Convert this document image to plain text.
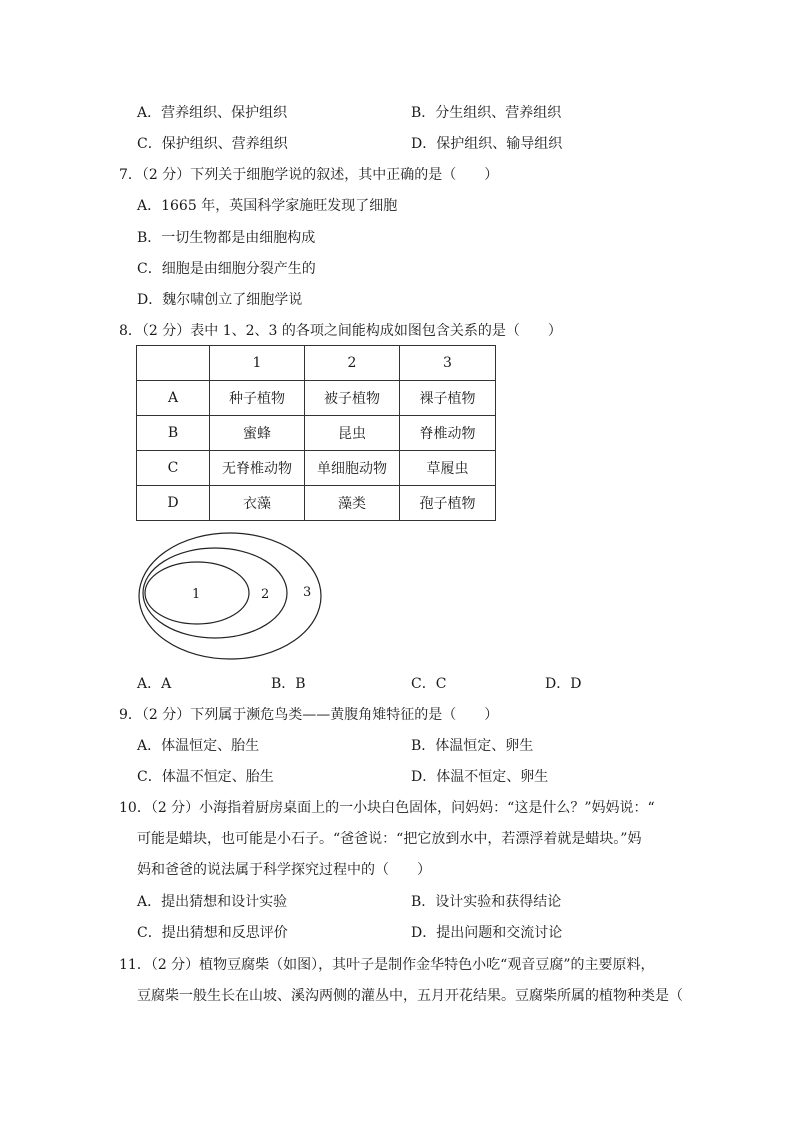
A．营养组织、保护组织	B．分生组织、营养组织
C．保护组织、营养组织	D．保护组织、输导组织
7．（2 分）下列关于细胞学说的叙述，其中正确的是（　　）
A．1665 年，英国科学家施旺发现了细胞
B．一切生物都是由细胞构成
C．细胞是由细胞分裂产生的
D．魏尔啸创立了细胞学说
8．（2 分）表中 1、2、3 的各项之间能构成如图包含关系的是（　　）
	1	2	3
A	种子植物	被子植物	裸子植物
B	蜜蜂	昆虫	脊椎动物
C	无脊椎动物	单细胞动物	草履虫
D	衣藻	藻类	孢子植物
1	2	3
A．A	B．B	C．C	D．D
9．（2 分）下列属于濒危鸟类——黄腹角雉特征的是（　　）
A．体温恒定、胎生	B．体温恒定、卵生
C．体温不恒定、胎生	D．体温不恒定、卵生
10．（2 分）小海指着厨房桌面上的一小块白色固体，问妈妈：“这是什么？”妈妈说：“
可能是蜡块，也可能是小石子。“爸爸说：“把它放到水中，若漂浮着就是蜡块。”妈
妈和爸爸的说法属于科学探究过程中的（　　）
A．提出猜想和设计实验	B．设计实验和获得结论
C．提出猜想和反思评价	D．提出问题和交流讨论
11．（2 分）植物豆腐柴（如图），其叶子是制作金华特色小吃“观音豆腐”的主要原料，
豆腐柴一般生长在山坡、溪沟两侧的灌丛中，五月开花结果。豆腐柴所属的植物种类是（
